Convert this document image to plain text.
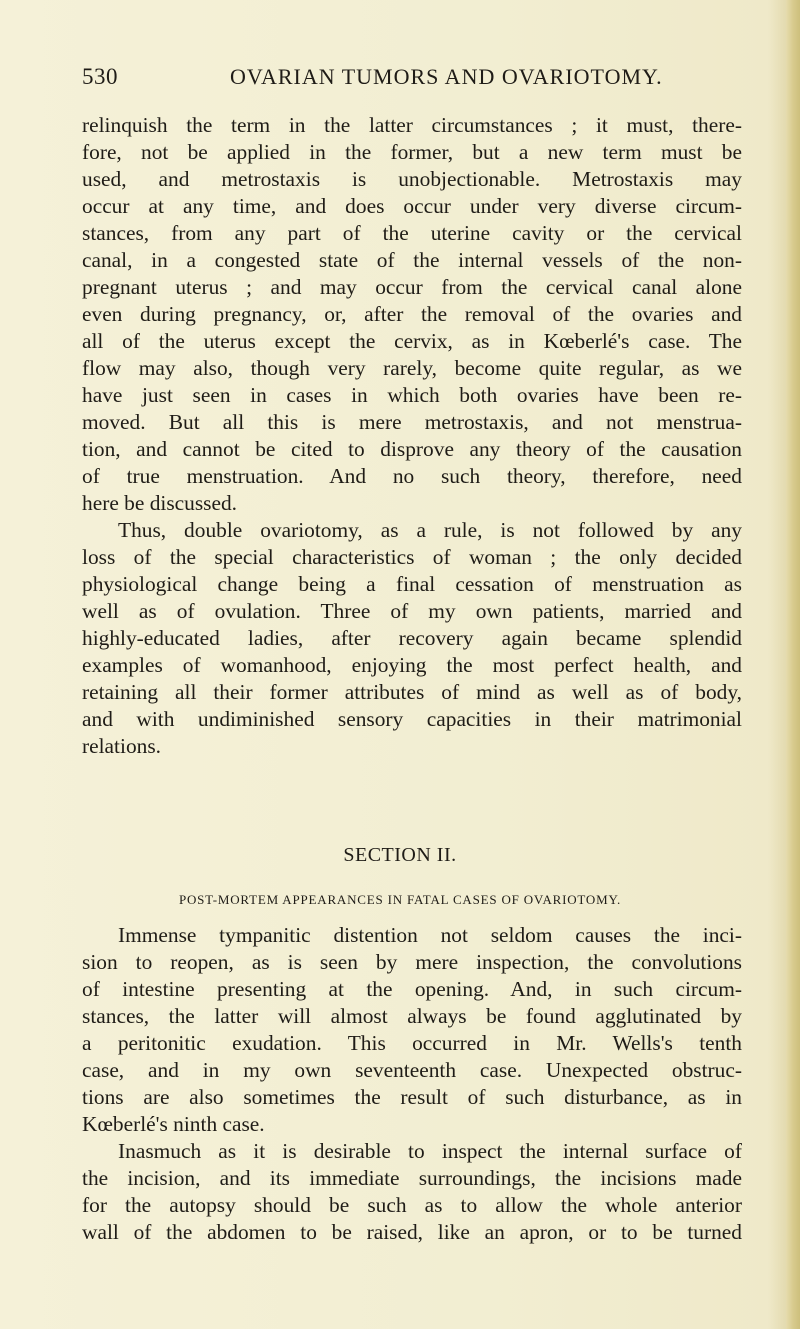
530	OVARIAN TUMORS AND OVARIOTOMY.
relinquish the term in the latter circumstances ; it must, there-
fore, not be applied in the former, but a new term must be
used, and metrostaxis is unobjectionable. Metrostaxis may
occur at any time, and does occur under very diverse circum-
stances, from any part of the uterine cavity or the cervical
canal, in a congested state of the internal vessels of the non-
pregnant uterus ; and may occur from the cervical canal alone
even during pregnancy, or, after the removal of the ovaries and
all of the uterus except the cervix, as in Kœberlé's case. The
flow may also, though very rarely, become quite regular, as we
have just seen in cases in which both ovaries have been re-
moved. But all this is mere metrostaxis, and not menstrua-
tion, and cannot be cited to disprove any theory of the causation
of true menstruation. And no such theory, therefore, need
here be discussed.
Thus, double ovariotomy, as a rule, is not followed by any
loss of the special characteristics of woman ; the only decided
physiological change being a final cessation of menstruation as
well as of ovulation. Three of my own patients, married and
highly-educated ladies, after recovery again became splendid
examples of womanhood, enjoying the most perfect health, and
retaining all their former attributes of mind as well as of body,
and with undiminished sensory capacities in their matrimonial
relations.
SECTION II.
POST-MORTEM APPEARANCES IN FATAL CASES OF OVARIOTOMY.
Immense tympanitic distention not seldom causes the inci-
sion to reopen, as is seen by mere inspection, the convolutions
of intestine presenting at the opening. And, in such circum-
stances, the latter will almost always be found agglutinated by
a peritonitic exudation. This occurred in Mr. Wells's tenth
case, and in my own seventeenth case. Unexpected obstruc-
tions are also sometimes the result of such disturbance, as in
Kœberlé's ninth case.
Inasmuch as it is desirable to inspect the internal surface of
the incision, and its immediate surroundings, the incisions made
for the autopsy should be such as to allow the whole anterior
wall of the abdomen to be raised, like an apron, or to be turned
